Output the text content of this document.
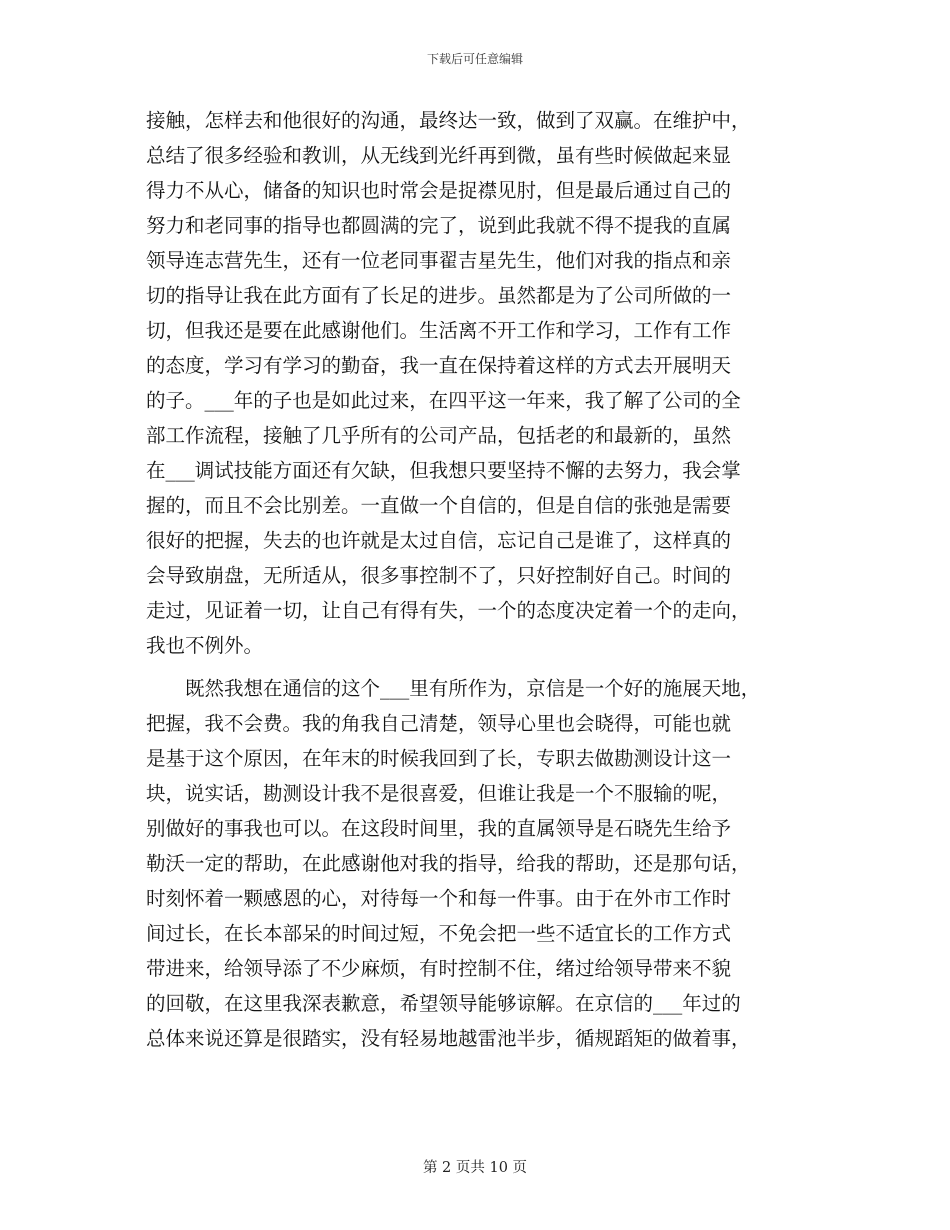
下载后可任意编辑
接触，怎样去和他很好的沟通，最终达一致，做到了双赢。在维护中，
总结了很多经验和教训，从无线到光纤再到微，虽有些时候做起来显
得力不从心，储备的知识也时常会是捉襟见肘，但是最后通过自己的
努力和老同事的指导也都圆满的完了，说到此我就不得不提我的直属
领导连志营先生，还有一位老同事翟吉星先生，他们对我的指点和亲
切的指导让我在此方面有了长足的进步。虽然都是为了公司所做的一
切，但我还是要在此感谢他们。生活离不开工作和学习，工作有工作
的态度，学习有学习的勤奋，我一直在保持着这样的方式去开展明天
的子。___年的子也是如此过来，在四平这一年来，我了解了公司的全
部工作流程，接触了几乎所有的公司产品，包括老的和最新的，虽然
在___调试技能方面还有欠缺，但我想只要坚持不懈的去努力，我会掌
握的，而且不会比别差。一直做一个自信的，但是自信的张弛是需要
很好的把握，失去的也许就是太过自信，忘记自己是谁了，这样真的
会导致崩盘，无所适从，很多事控制不了，只好控制好自己。时间的
走过，见证着一切，让自己有得有失，一个的态度决定着一个的走向，
我也不例外。
既然我想在通信的这个___里有所作为，京信是一个好的施展天地，
把握，我不会费。我的角我自己清楚，领导心里也会晓得，可能也就
是基于这个原因，在年末的时候我回到了长，专职去做勘测设计这一
块，说实话，勘测设计我不是很喜爱，但谁让我是一个不服输的呢，
别做好的事我也可以。在这段时间里，我的直属领导是石晓先生给予
勒沃一定的帮助，在此感谢他对我的指导，给我的帮助，还是那句话，
时刻怀着一颗感恩的心，对待每一个和每一件事。由于在外市工作时
间过长，在长本部呆的时间过短，不免会把一些不适宜长的工作方式
带进来，给领导添了不少麻烦，有时控制不住，绪过给领导带来不貌
的回敬，在这里我深表歉意，希望领导能够谅解。在京信的___年过的
总体来说还算是很踏实，没有轻易地越雷池半步，循规蹈矩的做着事，
第 2 页共 10 页
